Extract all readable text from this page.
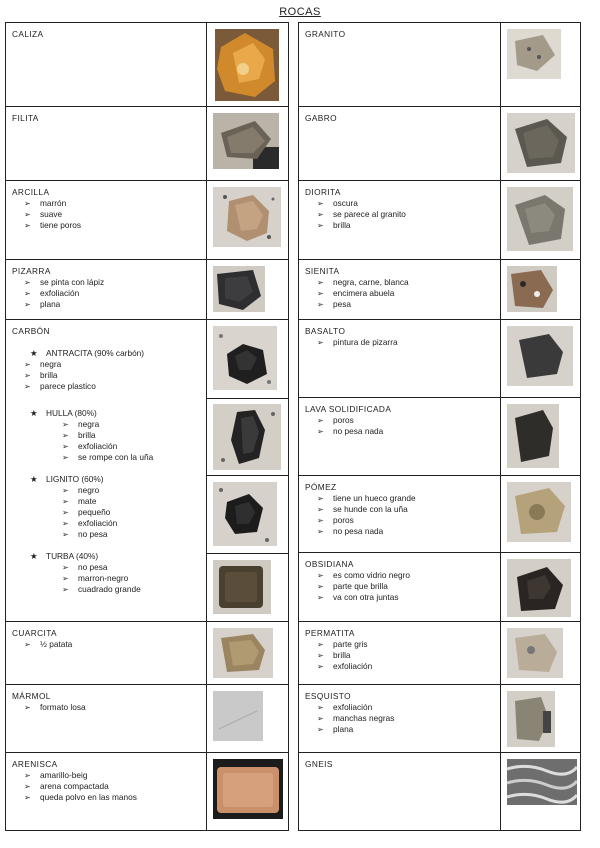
ROCAS
CALIZA
FILITA
ARCILLA
➢ marrón
➢ suave
➢ tiene poros
PIZARRA
➢ se pinta con lápiz
➢ exfoliación
➢ plana
CARBÓN
★ ANTRACITA (90% carbón)
➢ negra
➢ brilla
➢ parece plastico
★ HULLA (80%)
➢ negra
➢ brilla
➢ exfoliación
➢ se rompe con la uña
★ LIGNITO (60%)
➢ negro
➢ mate
➢ pequeño
➢ exfoliación
➢ no pesa
★ TURBA (40%)
➢ no pesa
➢ marron-negro
➢ cuadrado grande
CUARCITA
➢ ½ patata
MÁRMOL
➢ formato losa
ARENISCA
➢ amarillo-beig
➢ arena compactada
➢ queda polvo en las manos
GRANITO
GABRO
DIORITA
➢ oscura
➢ se parece al granito
➢ brilla
SIENITA
➢ negra, carne, blanca
➢ encimera abuela
➢ pesa
BASALTO
➢ pintura de pizarra
LAVA SOLIDIFICADA
➢ poros
➢ no pesa nada
PÓMEZ
➢ tiene un hueco grande
➢ se hunde con la uña
➢ poros
➢ no pesa nada
OBSIDIANA
➢ es como vidrio negro
➢ parte que brilla
➢ va con otra juntas
PERMATITA
➢ parte gris
➢ brilla
➢ exfoliación
ESQUISTO
➢ exfoliación
➢ manchas negras
➢ plana
GNEIS
